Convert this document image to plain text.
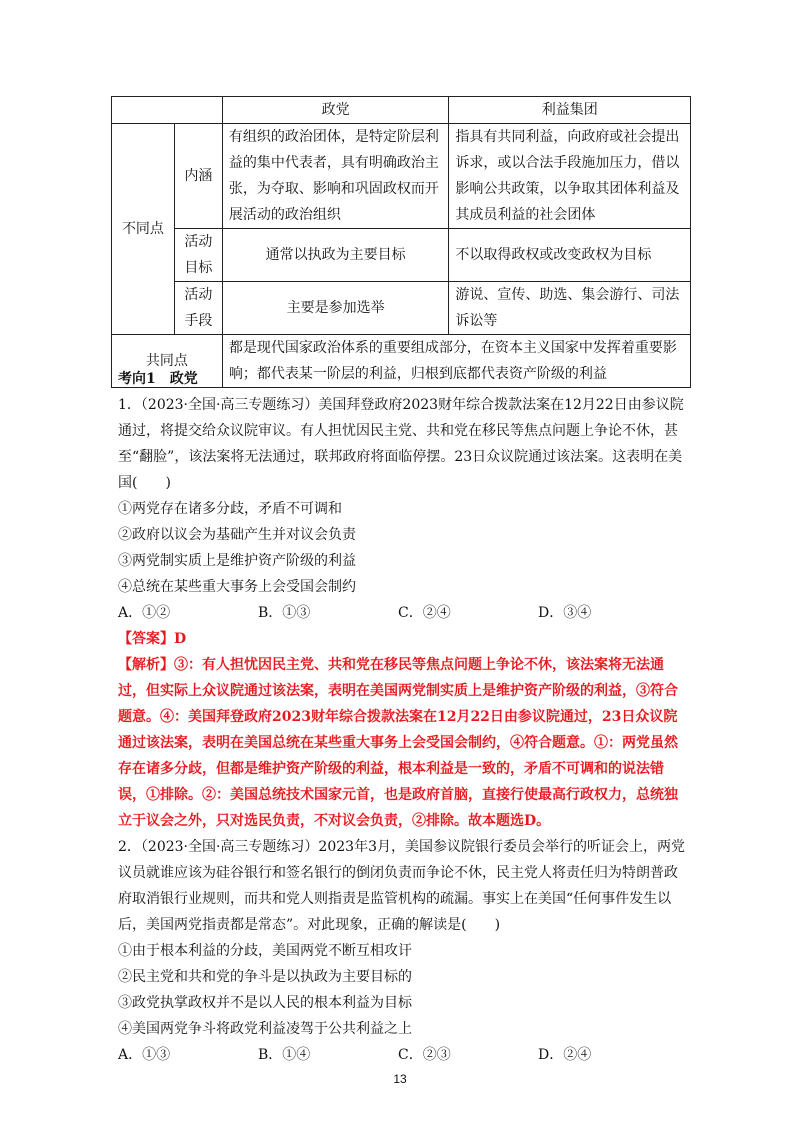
		政党	利益集团
不同点	内涵	有组织的政治团体，是特定阶层利益的集中代表者，具有明确政治主张，为夺取、影响和巩固政权而开展活动的政治组织	指具有共同利益，向政府或社会提出诉求，或以合法手段施加压力，借以影响公共政策，以争取其团体利益及其成员利益的社会团体
	活动目标	通常以执政为主要目标	不以取得政权或改变政权为目标
	活动手段	主要是参加选举	游说、宣传、助选、集会游行、司法诉讼等
共同点		都是现代国家政治体系的重要组成部分，在资本主义国家中发挥着重要影响；都代表某一阶层的利益，归根到底都代表资产阶级的利益	

考向1　政党

1．（2023·全国·高三专题练习）美国拜登政府2023财年综合拨款法案在12月22日由参议院通过，将提交给众议院审议。有人担忧因民主党、共和党在移民等焦点问题上争论不休，甚至“翻脸”，该法案将无法通过，联邦政府将面临停摆。23日众议院通过该法案。这表明在美国(　　)

①两党存在诸多分歧，矛盾不可调和

②政府以议会为基础产生并对议会负责

③两党制实质上是维护资产阶级的利益

④总统在某些重大事务上会受国会制约

A．①②	B．①③	C．②④	D．③④

【答案】D

【解析】③：有人担忧因民主党、共和党在移民等焦点问题上争论不休，该法案将无法通过，但实际上众议院通过该法案，表明在美国两党制实质上是维护资产阶级的利益，③符合题意。④：美国拜登政府2023财年综合拨款法案在12月22日由参议院通过，23日众议院通过该法案，表明在美国总统在某些重大事务上会受国会制约，④符合题意。①：两党虽然存在诸多分歧，但都是维护资产阶级的利益，根本利益是一致的，矛盾不可调和的说法错误，①排除。②：美国总统技术国家元首，也是政府首脑，直接行使最高行政权力，总统独立于议会之外，只对选民负责，不对议会负责，②排除。故本题选D。

2．（2023·全国·高三专题练习）2023年3月，美国参议院银行委员会举行的听证会上，两党议员就谁应该为硅谷银行和签名银行的倒闭负责而争论不休，民主党人将责任归为特朗普政府取消银行业规则，而共和党人则指责是监管机构的疏漏。事实上在美国“任何事件发生以后，美国两党指责都是常态”。对此现象，正确的解读是(　　)

①由于根本利益的分歧，美国两党不断互相攻讦

②民主党和共和党的争斗是以执政为主要目标的

③政党执掌政权并不是以人民的根本利益为目标

④美国两党争斗将政党利益凌驾于公共利益之上

A．①③	B．①④	C．②③	D．②④

13
